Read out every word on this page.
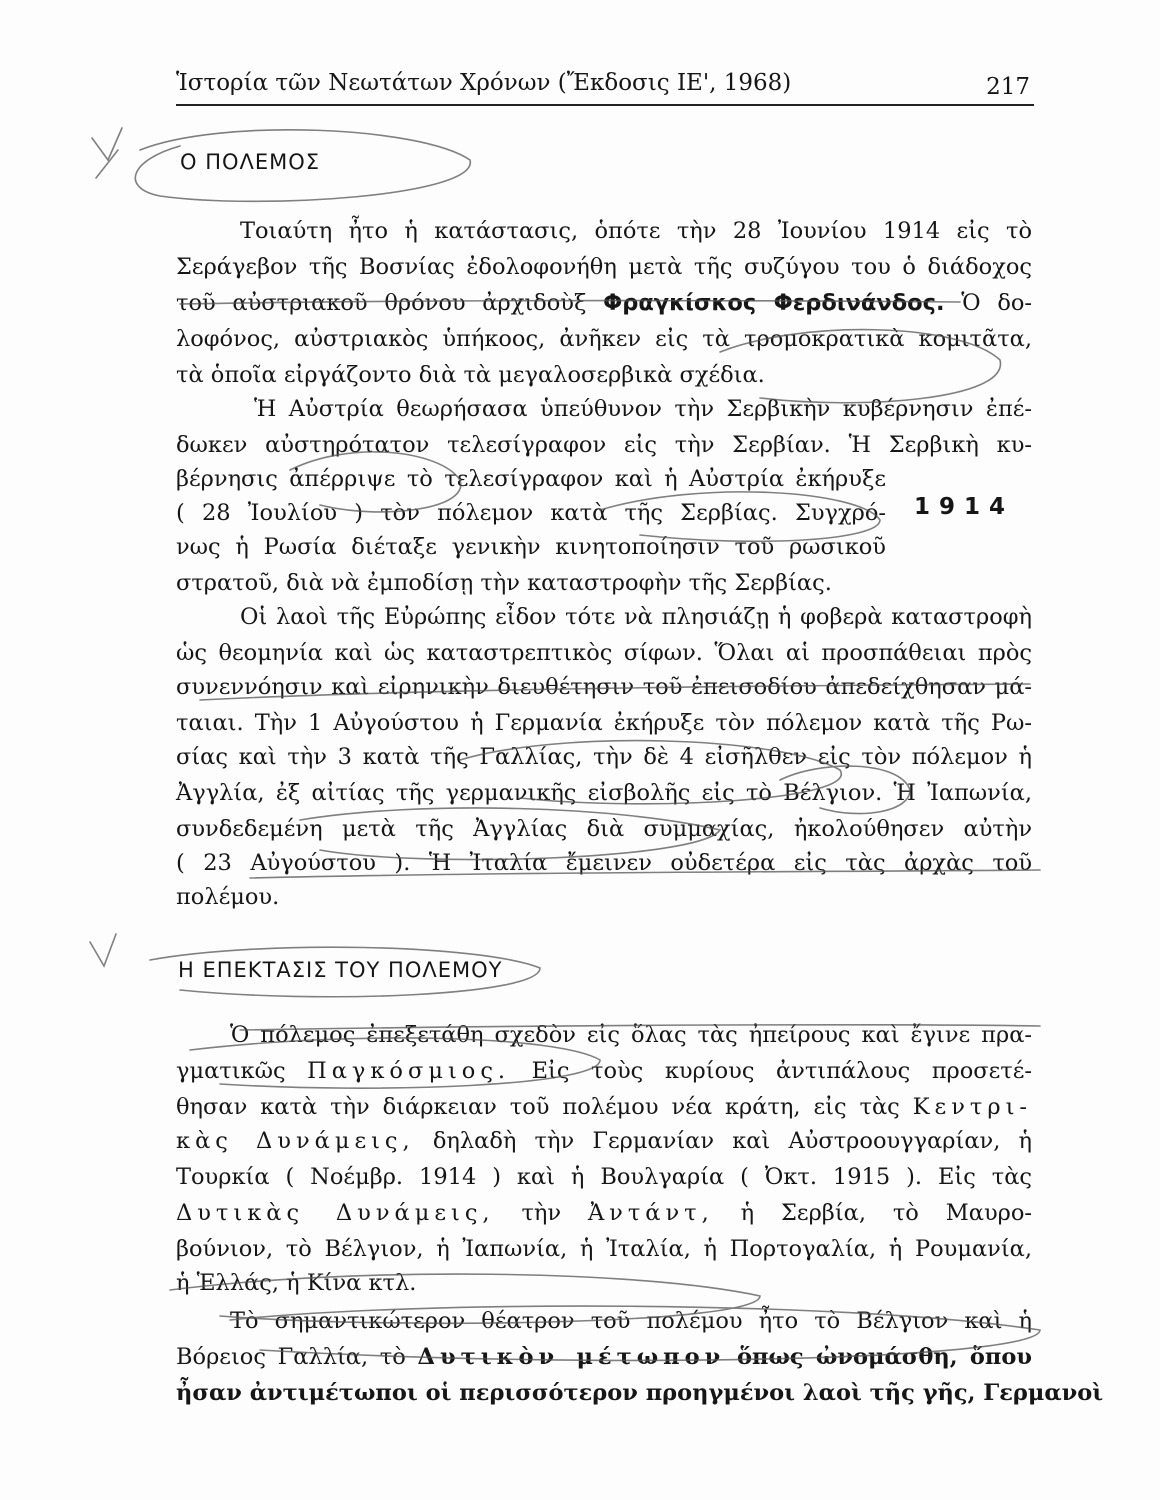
Ἱστορία τῶν Νεωτάτων Χρόνων (Ἔκδοσις ΙΕ', 1968)	217
Ο ΠΟΛΕΜΟΣ
Τοιαύτη ἦτο ἡ κατάστασις, ὁπότε τὴν 28 Ἰουνίου 1914 εἰς τὸ
Σεράγεβον τῆς Βοσνίας ἐδολοφονήθη μετὰ τῆς συζύγου του ὁ διάδοχος
τοῦ αὐστριακοῦ θρόνου ἀρχιδοὺξ Φραγκίσκος Φερδινάνδος. Ὁ δο-
λοφόνος, αὐστριακὸς ὑπήκοος, ἀνῆκεν εἰς τὰ τρομοκρατικὰ κομιτᾶτα,
τὰ ὁποῖα εἰργάζοντο διὰ τὰ μεγαλοσερβικὰ σχέδια.
Ἡ Αὐστρία θεωρήσασα ὑπεύθυνον τὴν Σερβικὴν κυβέρνησιν ἐπέ-
δωκεν αὐστηρότατον τελεσίγραφον εἰς τὴν Σερβίαν. Ἡ Σερβικὴ κυ-
βέρνησις ἀπέρριψε τὸ τελεσίγραφον καὶ ἡ Αὐστρία ἐκήρυξε
( 28 Ἰουλίου ) τὸν πόλεμον κατὰ τῆς Σερβίας. Συγχρό- 1914
νως ἡ Ρωσία διέταξε γενικὴν κινητοποίησιν τοῦ ρωσικοῦ
στρατοῦ, διὰ νὰ ἐμποδίσῃ τὴν καταστροφὴν τῆς Σερβίας.
Οἱ λαοὶ τῆς Εὐρώπης εἶδον τότε νὰ πλησιάζῃ ἡ φοβερὰ καταστροφὴ
ὡς θεομηνία καὶ ὡς καταστρεπτικὸς σίφων. Ὅλαι αἱ προσπάθειαι πρὸς
συνεννόησιν καὶ εἰρηνικὴν διευθέτησιν τοῦ ἐπεισοδίου ἀπεδείχθησαν μά-
ταιαι. Τὴν 1 Αὐγούστου ἡ Γερμανία ἐκήρυξε τὸν πόλεμον κατὰ τῆς Ρω-
σίας καὶ τὴν 3 κατὰ τῆς Γαλλίας, τὴν δὲ 4 εἰσῆλθεν εἰς τὸν πόλεμον ἡ
Ἀγγλία, ἐξ αἰτίας τῆς γερμανικῆς εἰσβολῆς εἰς τὸ Βέλγιον. Ἡ Ἰαπωνία,
συνδεδεμένη μετὰ τῆς Ἀγγλίας διὰ συμμαχίας, ἠκολούθησεν αὐτὴν
( 23 Αὐγούστου ). Ἡ Ἰταλία ἔμεινεν οὐδετέρα εἰς τὰς ἀρχὰς τοῦ
πολέμου.
Η ΕΠΕΚΤΑΣΙΣ ΤΟΥ ΠΟΛΕΜΟΥ
Ὁ πόλεμος ἐπεξετάθη σχεδὸν εἰς ὅλας τὰς ἠπείρους καὶ ἔγινε πρα-
γματικῶς Παγκόσμιος. Εἰς τοὺς κυρίους ἀντιπάλους προσετέ-
θησαν κατὰ τὴν διάρκειαν τοῦ πολέμου νέα κράτη, εἰς τὰς Κεντρι-
κὰς Δυνάμεις, δηλαδὴ τὴν Γερμανίαν καὶ Αὐστροουγγαρίαν, ἡ
Τουρκία ( Νοέμβρ. 1914 ) καὶ ἡ Βουλγαρία ( Ὀκτ. 1915 ). Εἰς τὰς
Δυτικὰς Δυνάμεις, τὴν Ἀντάντ, ἡ Σερβία, τὸ Μαυρο-
βούνιον, τὸ Βέλγιον, ἡ Ἰαπωνία, ἡ Ἰταλία, ἡ Πορτογαλία, ἡ Ρουμανία,
ἡ Ἑλλάς, ἡ Κίνα κτλ.
Τὸ σημαντικώτερον θέατρον τοῦ πολέμου ἦτο τὸ Βέλγιον καὶ ἡ
Βόρειος Γαλλία, τὸ Δυτικὸν μέτωπον ὅπως ὠνομάσθη, ὅπου
ἦσαν ἀντιμέτωποι οἱ περισσότερον προηγμένοι λαοὶ τῆς γῆς, Γερμανοὶ
